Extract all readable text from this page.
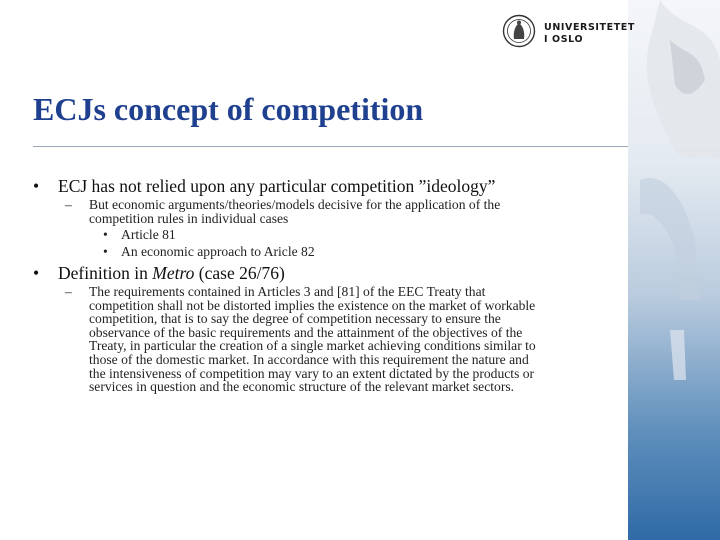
UNIVERSITETET
I OSLO
ECJs concept of competition
• ECJ has not relied upon any particular competition ”ideology”
– But economic arguments/theories/models decisive for the application of the
competition rules in individual cases
• Article 81
• An economic approach to Aricle 82
• Definition in Metro (case 26/76)
– The requirements contained in Articles 3 and [81] of the EEC Treaty that
competition shall not be distorted implies the existence on the market of workable
competition, that is to say the degree of competition necessary to ensure the
observance of the basic requirements and the attainment of the objectives of the
Treaty, in particular the creation of a single market achieving conditions similar to
those of the domestic market. In accordance with this requirement the nature and
the intensiveness of competition may vary to an extent dictated by the products or
services in question and the economic structure of the relevant market sectors.
